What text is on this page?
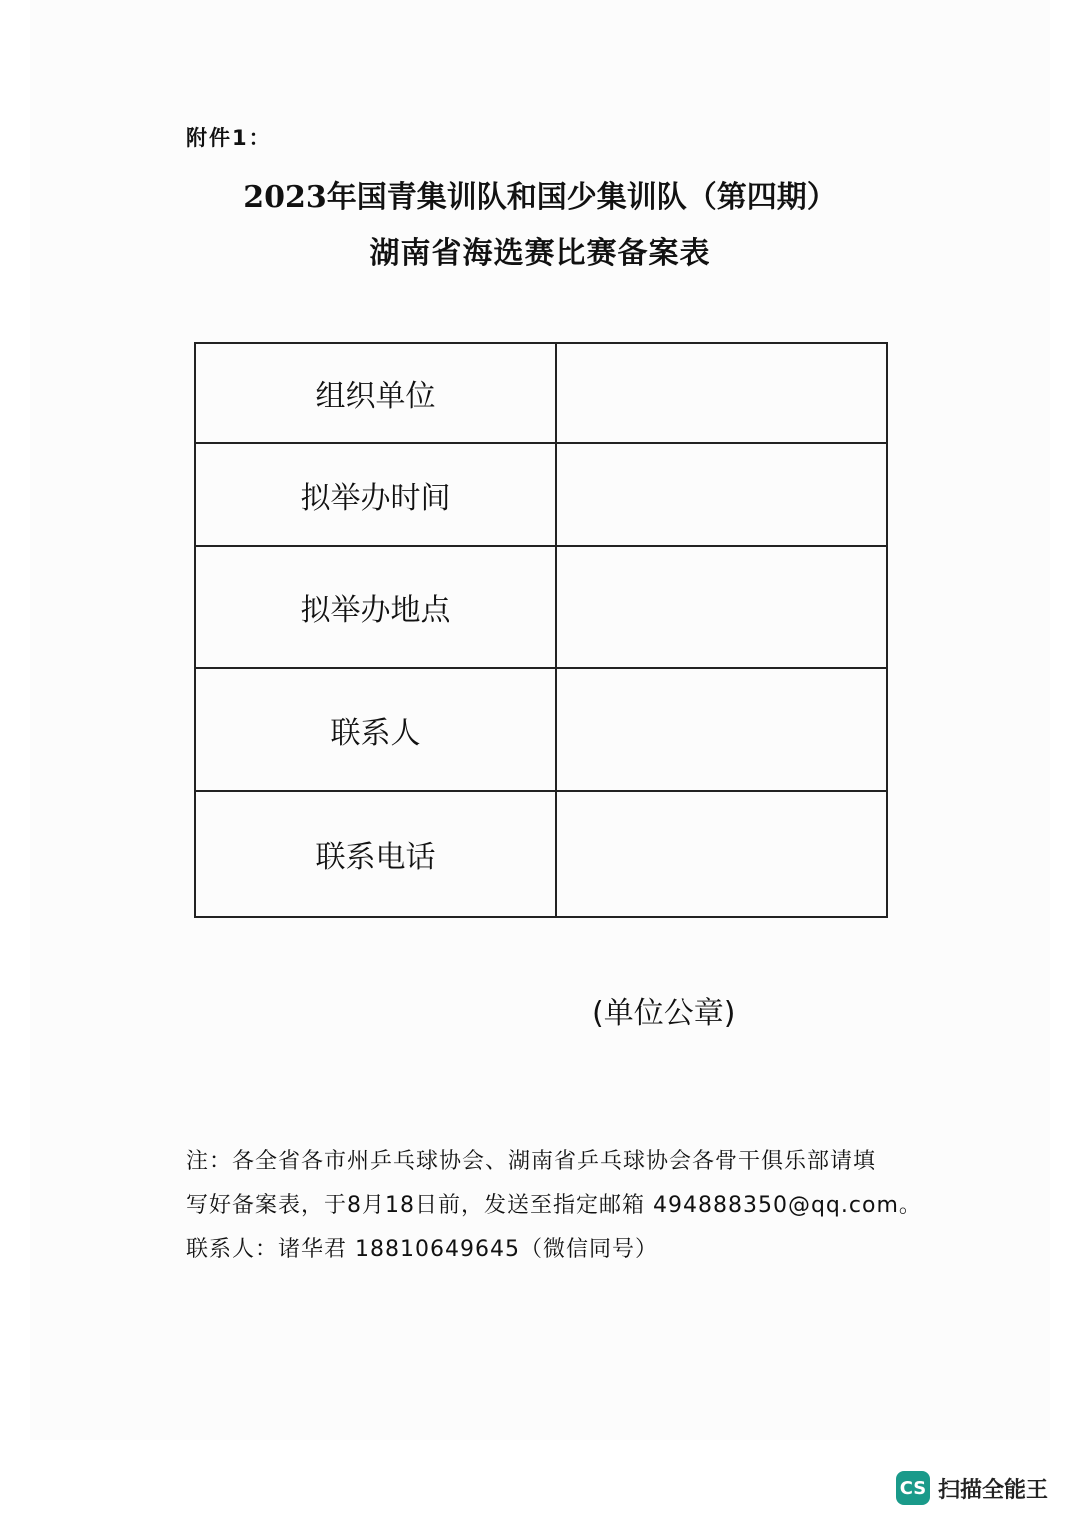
附件1：
2023年国青集训队和国少集训队（第四期）
湖南省海选赛比赛备案表
组织单位	
拟举办时间	
拟举办地点	
联系人	
联系电话	
(单位公章)

注：各全省各市州乒乓球协会、湖南省乒乓球协会各骨干俱乐部请填

写好备案表，于8月18日前，发送至指定邮箱 494888350@qq.com。

联系人：诸华君 18810649645（微信同号）

CS 扫描全能王
